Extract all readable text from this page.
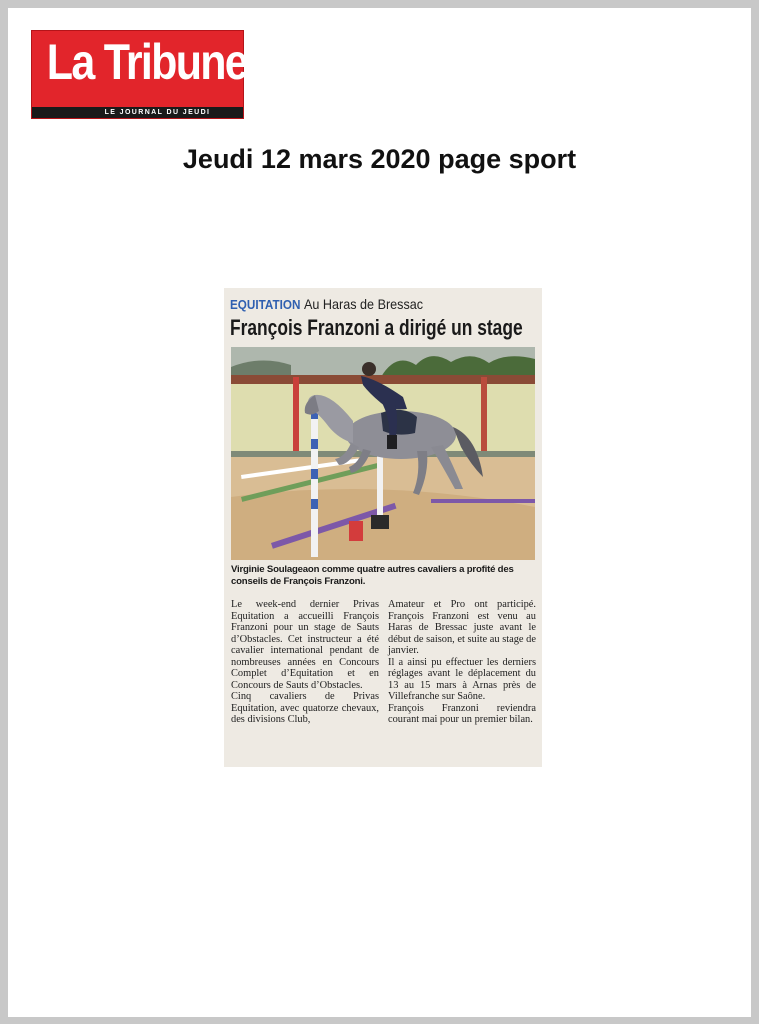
La Tribune
LE JOURNAL DU JEUDI
Jeudi 12 mars 2020 page sport
EQUITATION Au Haras de Bressac
François Franzoni a dirigé un stage
Virginie Soulageaon comme quatre autres cavaliers a profité des conseils de François Franzoni.

Le week-end dernier Privas Equitation a accueilli François Franzoni pour un stage de Sauts d’Obstacles. Cet instructeur a été cavalier international pendant de nombreuses années en Concours Complet d’Equitation et en Concours de Sauts d’Obstacles.

Cinq cavaliers de Privas Equitation, avec quatorze chevaux, des divisions Club,

Amateur et Pro ont participé. François Franzoni est venu au Haras de Bressac juste avant le début de saison, et suite au stage de janvier.

Il a ainsi pu effectuer les derniers réglages avant le déplacement du 13 au 15 mars à Arnas près de Villefranche sur Saône.

François Franzoni reviendra courant mai pour un premier bilan.
